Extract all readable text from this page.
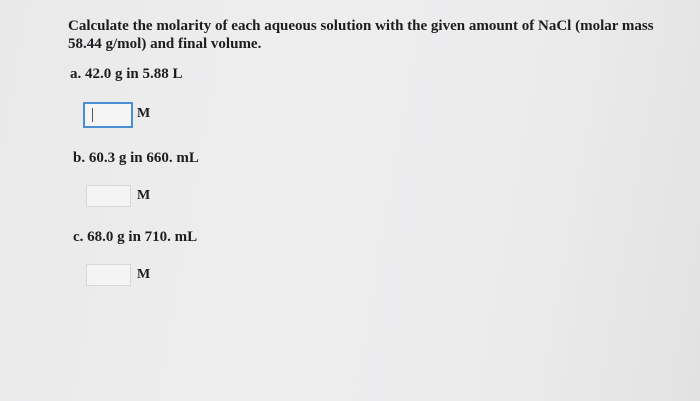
Calculate the molarity of each aqueous solution with the given amount of NaCl (molar mass
58.44 g/mol) and final volume.
a. 42.0 g in 5.88 L
M
b. 60.3 g in 660. mL
M
c. 68.0 g in 710. mL
M
